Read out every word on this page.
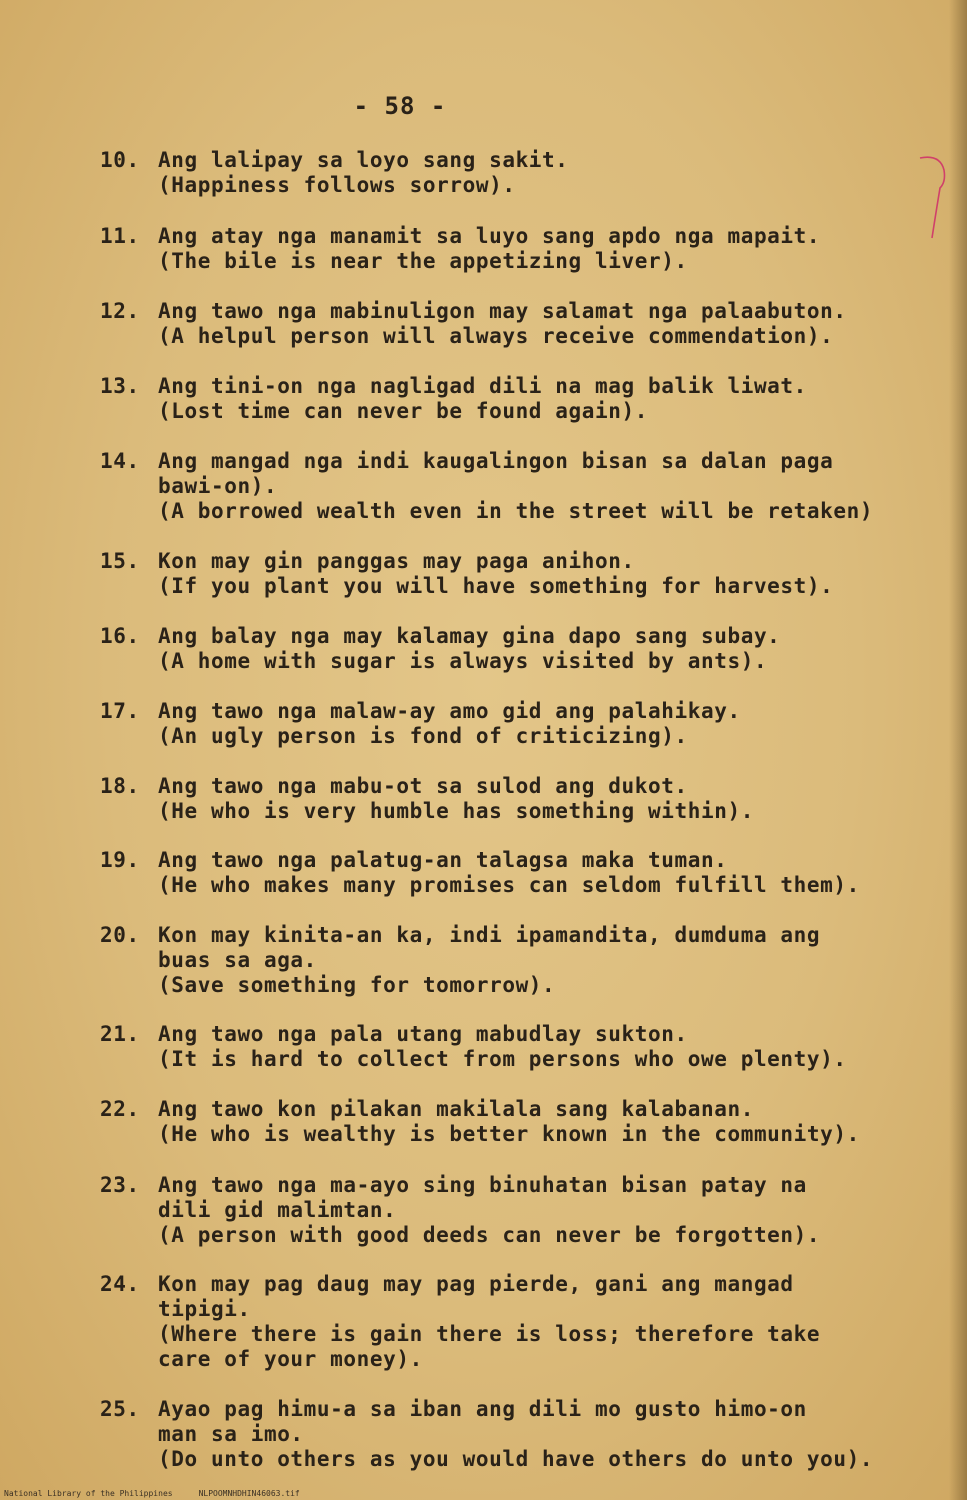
- 58 -
10. Ang lalipay sa loyo sang sakit.
(Happiness follows sorrow).
11. Ang atay nga manamit sa luyo sang apdo nga mapait.
(The bile is near the appetizing liver).
12. Ang tawo nga mabinuligon may salamat nga palaabuton.
(A helpul person will always receive commendation).
13. Ang tini-on nga nagligad dili na mag balik liwat.
(Lost time can never be found again).
14. Ang mangad nga indi kaugalingon bisan sa dalan paga
bawi-on).
(A borrowed wealth even in the street will be retaken)
15. Kon may gin panggas may paga anihon.
(If you plant you will have something for harvest).
16. Ang balay nga may kalamay gina dapo sang subay.
(A home with sugar is always visited by ants).
17. Ang tawo nga malaw-ay amo gid ang palahikay.
(An ugly person is fond of criticizing).
18. Ang tawo nga mabu-ot sa sulod ang dukot.
(He who is very humble has something within).
19. Ang tawo nga palatug-an talagsa maka tuman.
(He who makes many promises can seldom fulfill them).
20. Kon may kinita-an ka, indi ipamandita, dumduma ang
buas sa aga.
(Save something for tomorrow).
21. Ang tawo nga pala utang mabudlay sukton.
(It is hard to collect from persons who owe plenty).
22. Ang tawo kon pilakan makilala sang kalabanan.
(He who is wealthy is better known in the community).
23. Ang tawo nga ma-ayo sing binuhatan bisan patay na
dili gid malimtan.
(A person with good deeds can never be forgotten).
24. Kon may pag daug may pag pierde, gani ang mangad
tipigi.
(Where there is gain there is loss; therefore take
care of your money).
25. Ayao pag himu-a sa iban ang dili mo gusto himo-on
man sa imo.
(Do unto others as you would have others do unto you).
National Library of the Philippines	NLPOOMNHDHIN46063.tif
